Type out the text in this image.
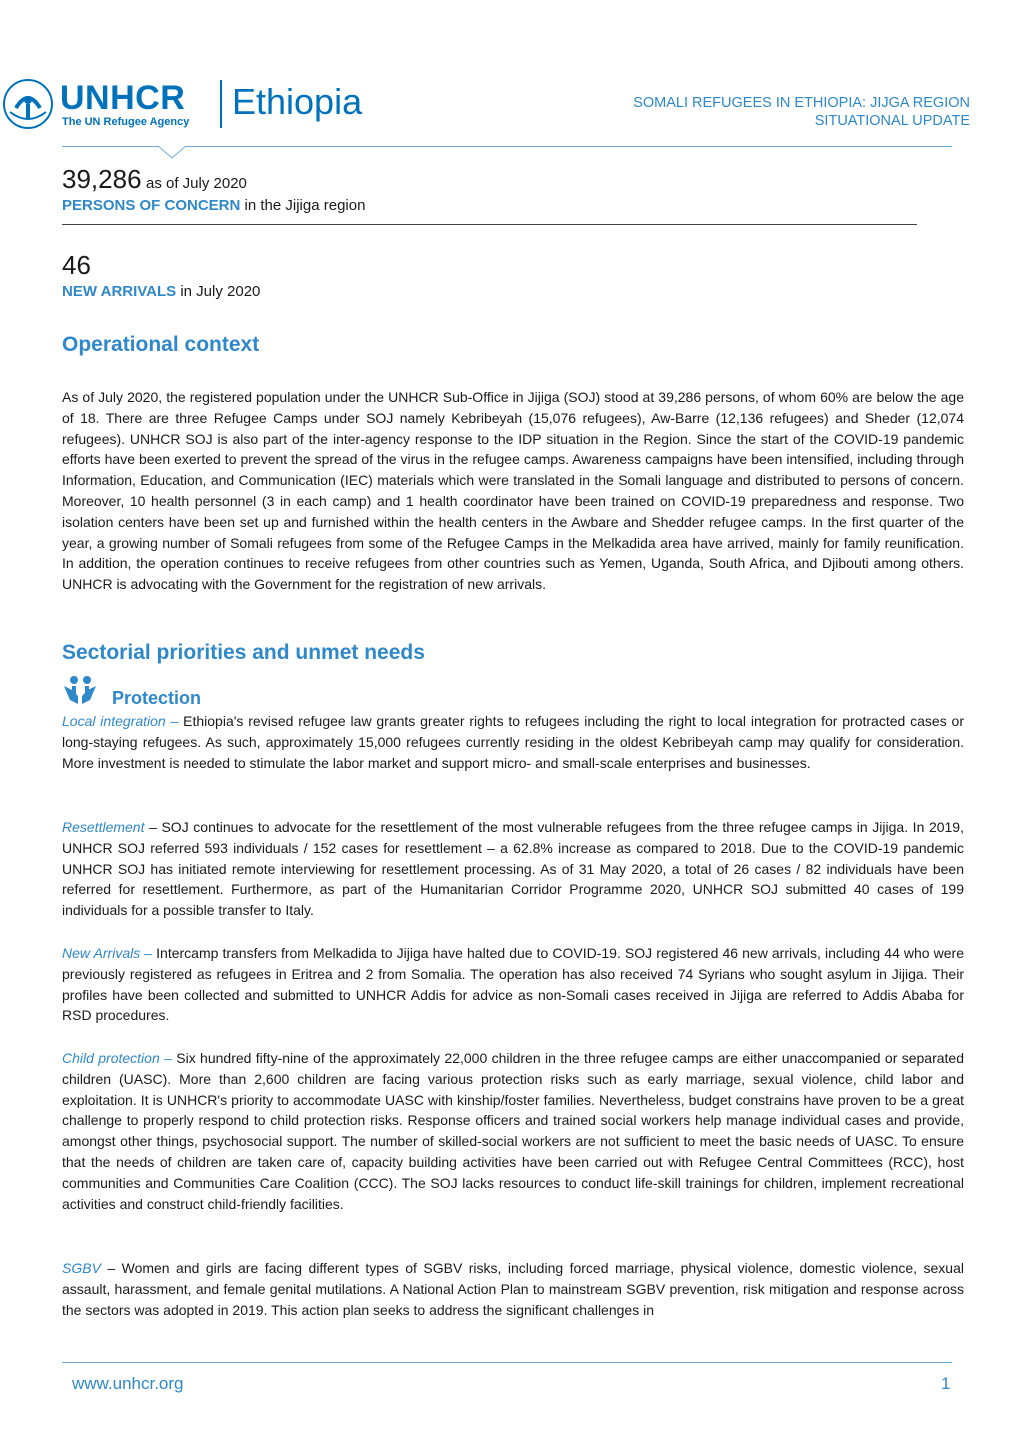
UNHCR
The UN Refugee Agency Ethiopia	SOMALI REFUGEES IN ETHIOPIA: JIJGA REGION
SITUATIONAL UPDATE
39,286 as of July 2020
PERSONS OF CONCERN in the Jijiga region
46
NEW ARRIVALS in July 2020
Operational context

As of July 2020, the registered population under the UNHCR Sub-Office in Jijiga (SOJ) stood at 39,286 persons, of whom 60% are below the age of 18. There are three Refugee Camps under SOJ namely Kebribeyah (15,076 refugees), Aw-Barre (12,136 refugees) and Sheder (12,074 refugees). UNHCR SOJ is also part of the inter-agency response to the IDP situation in the Region. Since the start of the COVID-19 pandemic efforts have been exerted to prevent the spread of the virus in the refugee camps. Awareness campaigns have been intensified, including through Information, Education, and Communication (IEC) materials which were translated in the Somali language and distributed to persons of concern. Moreover, 10 health personnel (3 in each camp) and 1 health coordinator have been trained on COVID-19 preparedness and response. Two isolation centers have been set up and furnished within the health centers in the Awbare and Shedder refugee camps. In the first quarter of the year, a growing number of Somali refugees from some of the Refugee Camps in the Melkadida area have arrived, mainly for family reunification. In addition, the operation continues to receive refugees from other countries such as Yemen, Uganda, South Africa, and Djibouti among others. UNHCR is advocating with the Government for the registration of new arrivals.

Sectorial priorities and unmet needs
Protection

Local integration – Ethiopia's revised refugee law grants greater rights to refugees including the right to local integration for protracted cases or long-staying refugees. As such, approximately 15,000 refugees currently residing in the oldest Kebribeyah camp may qualify for consideration. More investment is needed to stimulate the labor market and support micro- and small-scale enterprises and businesses.

Resettlement – SOJ continues to advocate for the resettlement of the most vulnerable refugees from the three refugee camps in Jijiga. In 2019, UNHCR SOJ referred 593 individuals / 152 cases for resettlement – a 62.8% increase as compared to 2018. Due to the COVID-19 pandemic UNHCR SOJ has initiated remote interviewing for resettlement processing. As of 31 May 2020, a total of 26 cases / 82 individuals have been referred for resettlement. Furthermore, as part of the Humanitarian Corridor Programme 2020, UNHCR SOJ submitted 40 cases of 199 individuals for a possible transfer to Italy.

New Arrivals – Intercamp transfers from Melkadida to Jijiga have halted due to COVID-19. SOJ registered 46 new arrivals, including 44 who were previously registered as refugees in Eritrea and 2 from Somalia. The operation has also received 74 Syrians who sought asylum in Jijiga. Their profiles have been collected and submitted to UNHCR Addis for advice as non-Somali cases received in Jijiga are referred to Addis Ababa for RSD procedures.

Child protection – Six hundred fifty-nine of the approximately 22,000 children in the three refugee camps are either unaccompanied or separated children (UASC). More than 2,600 children are facing various protection risks such as early marriage, sexual violence, child labor and exploitation. It is UNHCR's priority to accommodate UASC with kinship/foster families. Nevertheless, budget constrains have proven to be a great challenge to properly respond to child protection risks. Response officers and trained social workers help manage individual cases and provide, amongst other things, psychosocial support. The number of skilled-social workers are not sufficient to meet the basic needs of UASC. To ensure that the needs of children are taken care of, capacity building activities have been carried out with Refugee Central Committees (RCC), host communities and Communities Care Coalition (CCC). The SOJ lacks resources to conduct life-skill trainings for children, implement recreational activities and construct child-friendly facilities.

SGBV – Women and girls are facing different types of SGBV risks, including forced marriage, physical violence, domestic violence, sexual assault, harassment, and female genital mutilations. A National Action Plan to mainstream SGBV prevention, risk mitigation and response across the sectors was adopted in 2019. This action plan seeks to address the significant challenges in

www.unhcr.org	1
